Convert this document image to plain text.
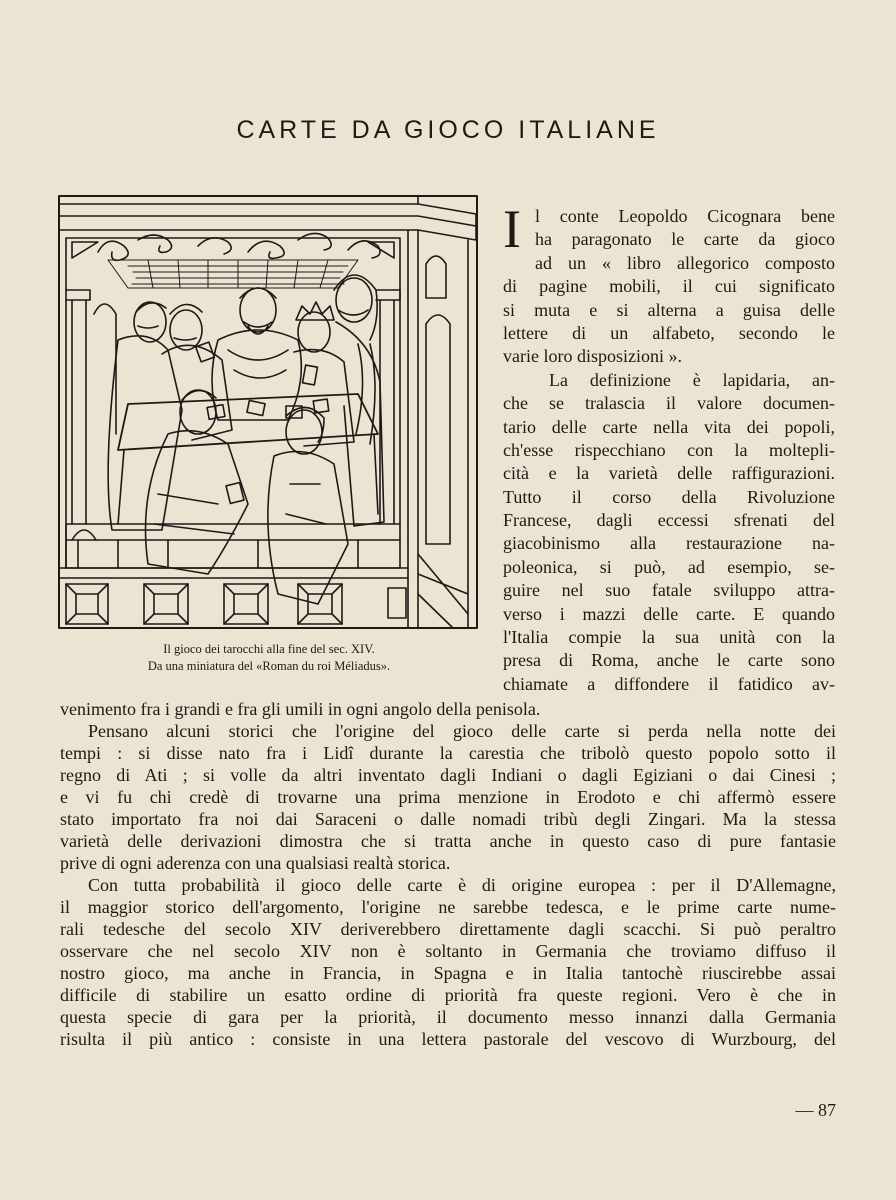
CARTE DA GIOCO ITALIANE
Il gioco dei tarocchi alla fine del sec. XIV.
Da una miniatura del «Roman du roi Méliadus».
I l conte Leopoldo Cicognara bene
ha paragonato le carte da gioco
ad un « libro allegorico composto
di pagine mobili, il cui significato
si muta e si alterna a guisa delle
lettere di un alfabeto, secondo le
varie loro disposizioni ».
La definizione è lapidaria, an-
che se tralascia il valore documen-
tario delle carte nella vita dei popoli,
ch'esse rispecchiano con la moltepli-
cità e la varietà delle raffigurazioni.
Tutto il corso della Rivoluzione
Francese, dagli eccessi sfrenati del
giacobinismo alla restaurazione na-
poleonica, si può, ad esempio, se-
guire nel suo fatale sviluppo attra-
verso i mazzi delle carte. E quando
l'Italia compie la sua unità con la
presa di Roma, anche le carte sono
chiamate a diffondere il fatidico av-
venimento fra i grandi e fra gli umili in ogni angolo della penisola.
Pensano alcuni storici che l'origine del gioco delle carte si perda nella notte dei
tempi : si disse nato fra i Lidî durante la carestia che tribolò questo popolo sotto il
regno di Ati ; si volle da altri inventato dagli Indiani o dagli Egiziani o dai Cinesi ;
e vi fu chi credè di trovarne una prima menzione in Erodoto e chi affermò essere
stato importato fra noi dai Saraceni o dalle nomadi tribù degli Zingari. Ma la stessa
varietà delle derivazioni dimostra che si tratta anche in questo caso di pure fantasie
prive di ogni aderenza con una qualsiasi realtà storica.
Con tutta probabilità il gioco delle carte è di origine europea : per il D'Allemagne,
il maggior storico dell'argomento, l'origine ne sarebbe tedesca, e le prime carte nume-
rali tedesche del secolo XIV deriverebbero direttamente dagli scacchi. Si può peraltro
osservare che nel secolo XIV non è soltanto in Germania che troviamo diffuso il
nostro gioco, ma anche in Francia, in Spagna e in Italia tantochè riuscirebbe assai
difficile di stabilire un esatto ordine di priorità fra queste regioni. Vero è che in
questa specie di gara per la priorità, il documento messo innanzi dalla Germania
risulta il più antico : consiste in una lettera pastorale del vescovo di Wurzbourg, del
— 87
